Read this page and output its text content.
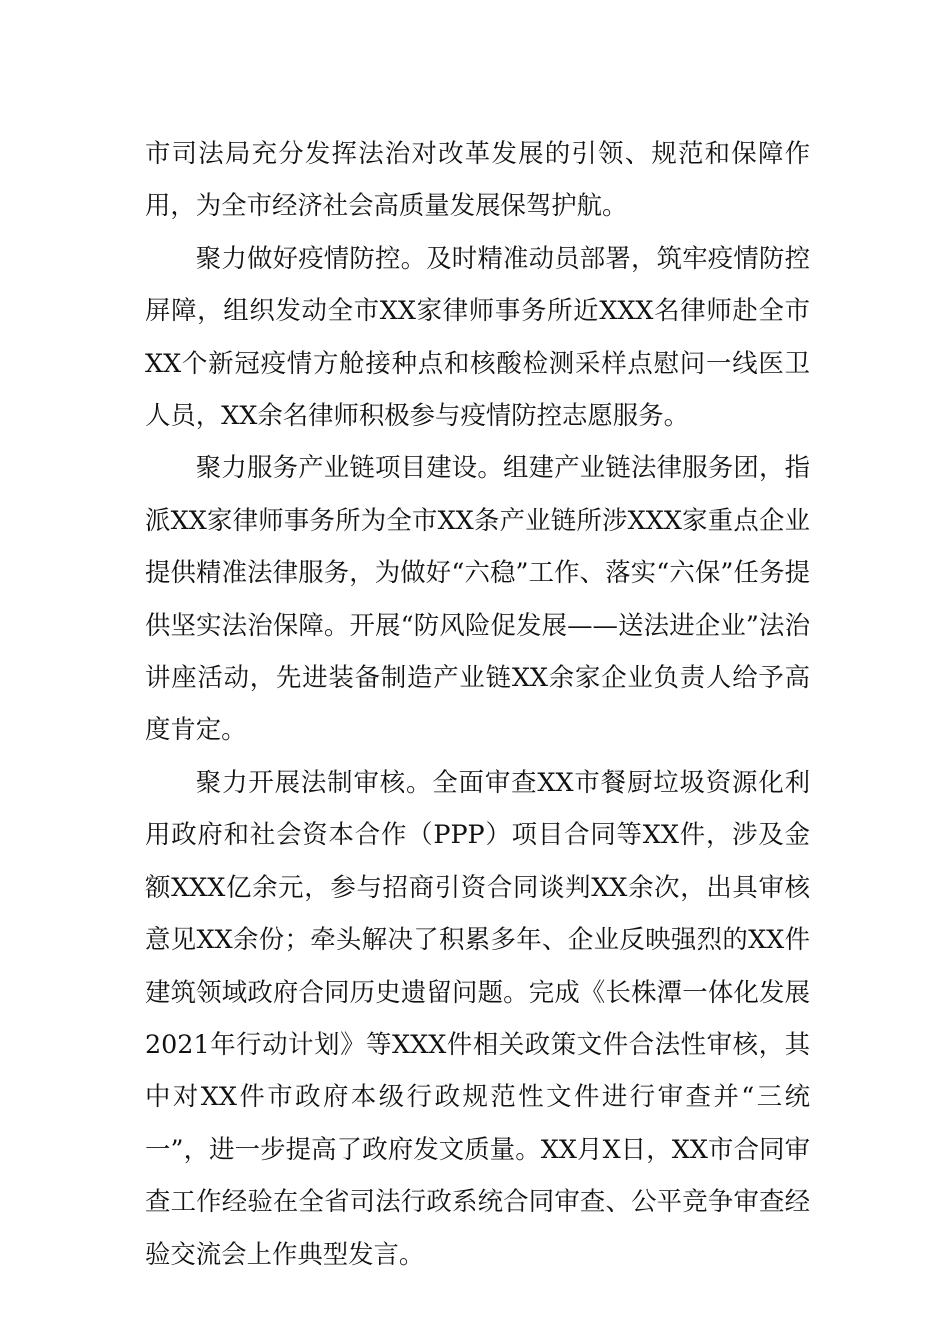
市司法局充分发挥法治对改革发展的引领、规范和保障作用，为全市经济社会高质量发展保驾护航。

聚力做好疫情防控。及时精准动员部署，筑牢疫情防控屏障，组织发动全市XX家律师事务所近XXX名律师赴全市XX个新冠疫情方舱接种点和核酸检测采样点慰问一线医卫人员，XX余名律师积极参与疫情防控志愿服务。

聚力服务产业链项目建设。组建产业链法律服务团，指派XX家律师事务所为全市XX条产业链所涉XXX家重点企业提供精准法律服务，为做好“六稳”工作、落实“六保”任务提供坚实法治保障。开展“防风险促发展——送法进企业”法治讲座活动，先进装备制造产业链XX余家企业负责人给予高度肯定。

聚力开展法制审核。全面审查XX市餐厨垃圾资源化利用政府和社会资本合作（PPP）项目合同等XX件，涉及金额XXX亿余元，参与招商引资合同谈判XX余次，出具审核意见XX余份；牵头解决了积累多年、企业反映强烈的XX件建筑领域政府合同历史遗留问题。完成《长株潭一体化发展2021年行动计划》等XXX件相关政策文件合法性审核，其中对XX件市政府本级行政规范性文件进行审查并“三统一”，进一步提高了政府发文质量。XX月X日，XX市合同审查工作经验在全省司法行政系统合同审查、公平竞争审查经验交流会上作典型发言。
